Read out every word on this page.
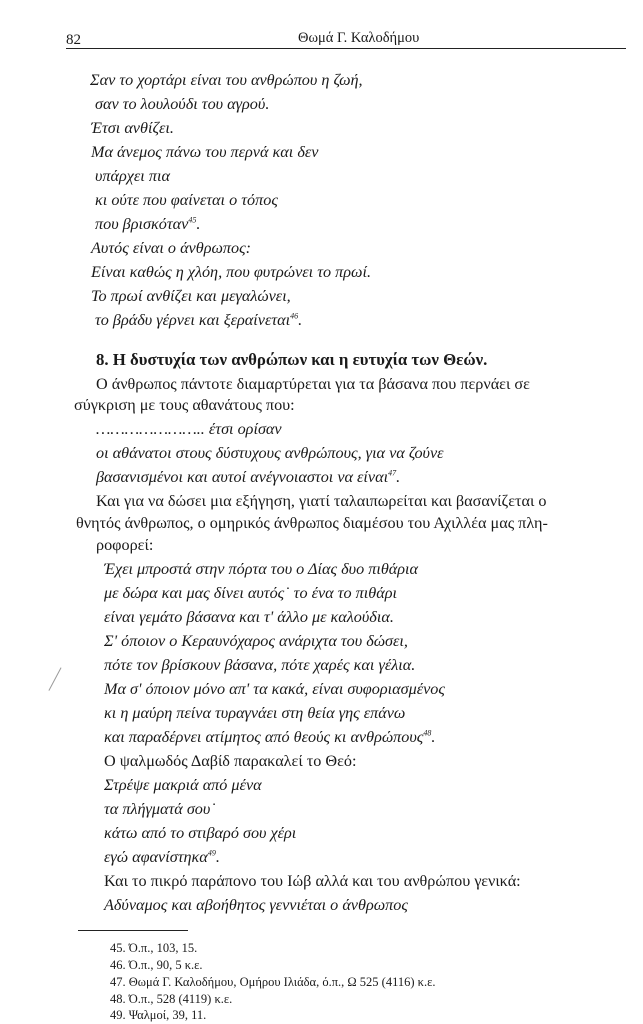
82	Θωμά Γ. Καλοδήμου
Σαν το χορτάρι είναι του ανθρώπου η ζωή,
σαν το λουλούδι του αγρού.
Έτσι ανθίζει.
Μα άνεμος πάνω του περνά και δεν
υπάρχει πια
κι ούτε που φαίνεται ο τόπος
που βρισκόταν$^{45}$.
Αυτός είναι ο άνθρωπος:
Είναι καθώς η χλόη, που φυτρώνει το πρωί.
Το πρωί ανθίζει και μεγαλώνει,
το βράδυ γέρνει και ξεραίνεται$^{46}$.
8. Η δυστυχία των ανθρώπων και η ευτυχία των Θεών.
Ο άνθρωπος πάντοτε διαμαρτύρεται για τα βάσανα που περνάει σε
σύγκριση με τους αθανάτους που:
………………….. έτσι ορίσαν
οι αθάνατοι στους δύστυχους ανθρώπους, για να ζούνε
βασανισμένοι και αυτοί ανέγνοιαστοι να είναι$^{47}$.
Και για να δώσει μια εξήγηση, γιατί ταλαιπωρείται και βασανίζεται ο
θνητός άνθρωπος, ο ομηρικός άνθρωπος διαμέσου του Αχιλλέα μας πλη-
ροφορεί:
Έχει μπροστά στην πόρτα του ο Δίας δυο πιθάρια
με δώρα και μας δίνει αυτός˙ το ένα το πιθάρι
είναι γεμάτο βάσανα και τ' άλλο με καλούδια.
Σ' όποιον ο Κεραυνόχαρος ανάριχτα του δώσει,
πότε τον βρίσκουν βάσανα, πότε χαρές και γέλια.
Μα σ' όποιον μόνο απ' τα κακά, είναι συφοριασμένος
κι η μαύρη πείνα τυραγνάει στη θεία γης επάνω
και παραδέρνει ατίμητος από θεούς κι ανθρώπους$^{48}$.
Ο ψαλμωδός Δαβίδ παρακαλεί το Θεό:
Στρέψε μακριά από μένα
τα πλήγματά σου˙
κάτω από το στιβαρό σου χέρι
εγώ αφανίστηκα$^{49}$.
Και το πικρό παράπονο του Ιώβ αλλά και του ανθρώπου γενικά:
Αδύναμος και αβοήθητος γεννιέται ο άνθρωπος
45. Ό.π., 103, 15.
46. Ό.π., 90, 5 κ.ε.
47. Θωμά Γ. Καλοδήμου, Ομήρου Ιλιάδα, ό.π., Ω 525 (4116) κ.ε.
48. Ό.π., 528 (4119) κ.ε.
49. Ψαλμοί, 39, 11.
